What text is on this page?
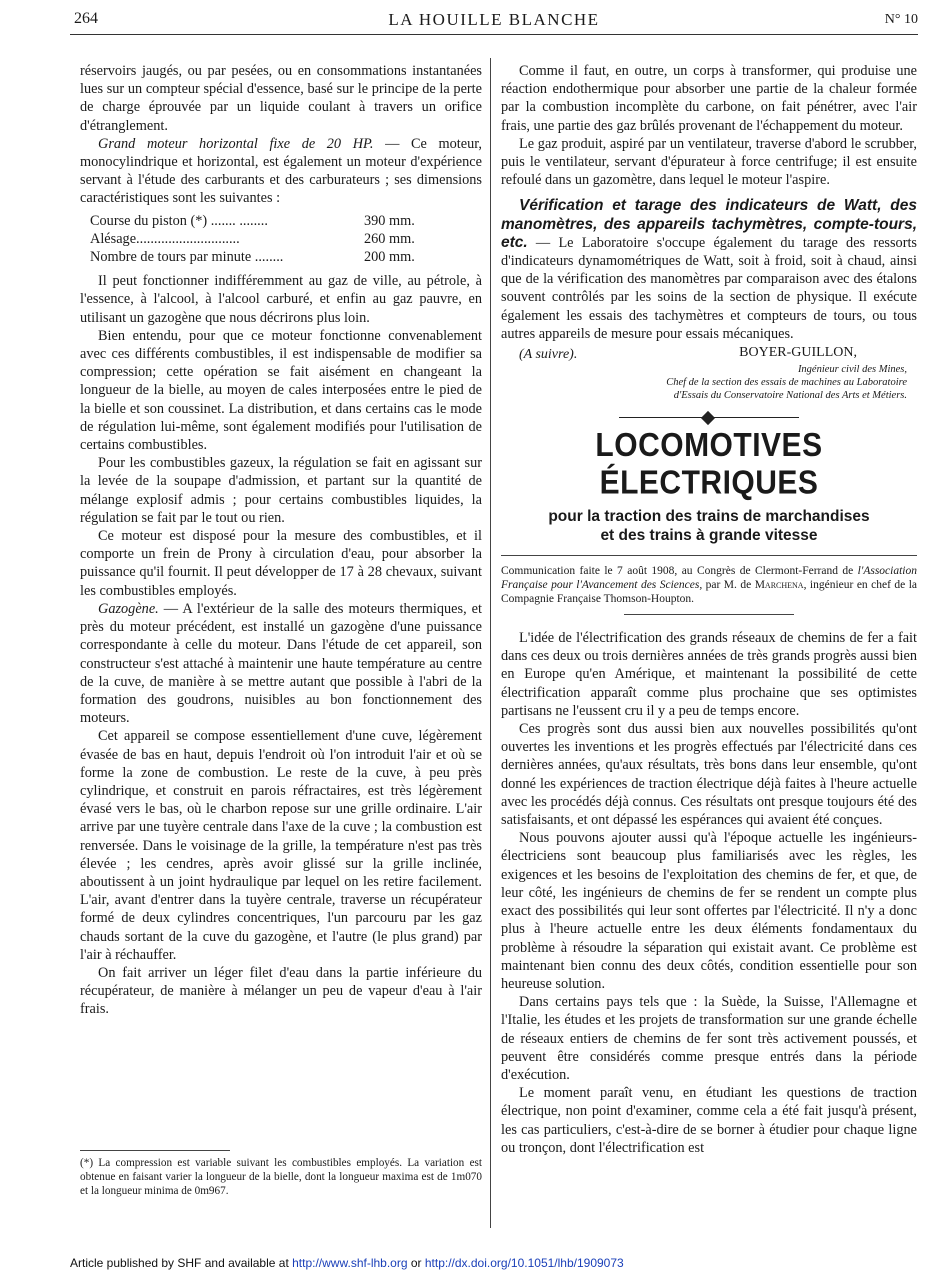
264	LA HOUILLE BLANCHE	N° 10

réservoirs jaugés, ou par pesées, ou en consommations instantanées lues sur un compteur spécial d'essence, basé sur le principe de la perte de charge éprouvée par un liquide coulant à travers un orifice d'étranglement.

Grand moteur horizontal fixe de 20 HP. — Ce moteur, monocylindrique et horizontal, est également un moteur d'expérience servant à l'étude des carburants et des carburateurs ; ses dimensions caractéristiques sont les suivantes :

Course du piston (*) ....... ........	390 mm.
Alésage.............................	260 mm.
Nombre de tours par minute ........	200 mm.

Il peut fonctionner indifféremment au gaz de ville, au pétrole, à l'essence, à l'alcool, à l'alcool carburé, et enfin au gaz pauvre, en utilisant un gazogène que nous décrirons plus loin.

Bien entendu, pour que ce moteur fonctionne convenablement avec ces différents combustibles, il est indispensable de modifier sa compression; cette opération se fait aisément en changeant la longueur de la bielle, au moyen de cales interposées entre le pied de la bielle et son coussinet. La distribution, et dans certains cas le mode de régulation lui-même, sont également modifiés pour l'utilisation de certains combustibles.

Pour les combustibles gazeux, la régulation se fait en agissant sur la levée de la soupape d'admission, et partant sur la quantité de mélange explosif admis ; pour certains combustibles liquides, la régulation se fait par le tout ou rien.

Ce moteur est disposé pour la mesure des combustibles, et il comporte un frein de Prony à circulation d'eau, pour absorber la puissance qu'il fournit. Il peut développer de 17 à 28 chevaux, suivant les combustibles employés.

Gazogène. — A l'extérieur de la salle des moteurs thermiques, et près du moteur précédent, est installé un gazogène d'une puissance correspondante à celle du moteur. Dans l'étude de cet appareil, son constructeur s'est attaché à maintenir une haute température au centre de la cuve, de manière à se mettre autant que possible à l'abri de la formation des goudrons, nuisibles au bon fonctionnement des moteurs.

Cet appareil se compose essentiellement d'une cuve, légèrement évasée de bas en haut, depuis l'endroit où l'on introduit l'air et où se forme la zone de combustion. Le reste de la cuve, à peu près cylindrique, et construit en parois réfractaires, est très légèrement évasé vers le bas, où le charbon repose sur une grille ordinaire. L'air arrive par une tuyère centrale dans l'axe de la cuve ; la combustion est renversée. Dans le voisinage de la grille, la température n'est pas très élevée ; les cendres, après avoir glissé sur la grille inclinée, aboutissent à un joint hydraulique par lequel on les retire facilement. L'air, avant d'entrer dans la tuyère centrale, traverse un récupérateur formé de deux cylindres concentriques, l'un parcouru par les gaz chauds sortant de la cuve du gazogène, et l'autre (le plus grand) par l'air à réchauffer.

On fait arriver un léger filet d'eau dans la partie inférieure du récupérateur, de manière à mélanger un peu de vapeur d'eau à l'air frais.

Comme il faut, en outre, un corps à transformer, qui produise une réaction endothermique pour absorber une partie de la chaleur formée par la combustion incomplète du carbone, on fait pénétrer, avec l'air frais, une partie des gaz brûlés provenant de l'échappement du moteur.

Le gaz produit, aspiré par un ventilateur, traverse d'abord le scrubber, puis le ventilateur, servant d'épurateur à force centrifuge; il est ensuite refoulé dans un gazomètre, dans lequel le moteur l'aspire.

Vérification et tarage des indicateurs de Watt, des manomètres, des appareils tachymètres, compte-tours, etc. — Le Laboratoire s'occupe également du tarage des ressorts d'indicateurs dynamométriques de Watt, soit à froid, soit à chaud, ainsi que de la vérification des manomètres par comparaison avec des étalons souvent contrôlés par les soins de la section de physique. Il exécute également les essais des tachymètres et compteurs de tours, ou tous autres appareils de mesure pour essais mécaniques.

(A suivre).	BOYER-GUILLON,
Ingénieur civil des Mines,
Chef de la section des essais de machines au Laboratoire
d'Essais du Conservatoire National des Arts et Métiers.
LOCOMOTIVES ÉLECTRIQUES
pour la traction des trains de marchandises
et des trains à grande vitesse
Communication faite le 7 août 1908, au Congrès de Clermont-Ferrand de l'Association Française pour l'Avancement des Sciences, par M. de Marchena, ingénieur en chef de la Compagnie Française Thomson-Houpton.

L'idée de l'électrification des grands réseaux de chemins de fer a fait dans ces deux ou trois dernières années de très grands progrès aussi bien en Europe qu'en Amérique, et maintenant la possibilité de cette électrification apparaît comme plus prochaine que ses optimistes partisans ne l'eussent cru il y a peu de temps encore.

Ces progrès sont dus aussi bien aux nouvelles possibilités qu'ont ouvertes les inventions et les progrès effectués par l'électricité dans ces dernières années, qu'aux résultats, très bons dans leur ensemble, qu'ont donné les expériences de traction électrique déjà faites à l'heure actuelle avec les procédés déjà connus. Ces résultats ont presque toujours été des satisfaisants, et ont dépassé les espérances qui avaient été conçues.

Nous pouvons ajouter aussi qu'à l'époque actuelle les ingénieurs-électriciens sont beaucoup plus familiarisés avec les règles, les exigences et les besoins de l'exploitation des chemins de fer, et que, de leur côté, les ingénieurs de chemins de fer se rendent un compte plus exact des possibilités qui leur sont offertes par l'électricité. Il n'y a donc plus à l'heure actuelle entre les deux éléments fondamentaux du problème à résoudre la séparation qui existait avant. Ce problème est maintenant bien connu des deux côtés, condition essentielle pour son heureuse solution.

Dans certains pays tels que : la Suède, la Suisse, l'Allemagne et l'Italie, les études et les projets de transformation sur une grande échelle de réseaux entiers de chemins de fer sont très activement poussés, et peuvent être considérés comme presque entrés dans la période d'exécution.

Le moment paraît venu, en étudiant les questions de traction électrique, non point d'examiner, comme cela a été fait jusqu'à présent, les cas particuliers, c'est-à-dire de se borner à étudier pour chaque ligne ou tronçon, dont l'électrification est

(*) La compression est variable suivant les combustibles employés. La variation est obtenue en faisant varier la longueur de la bielle, dont la longueur maxima est de 1m070 et la longueur minima de 0m967.
Article published by SHF and available at http://www.shf-lhb.org or http://dx.doi.org/10.1051/lhb/1909073
